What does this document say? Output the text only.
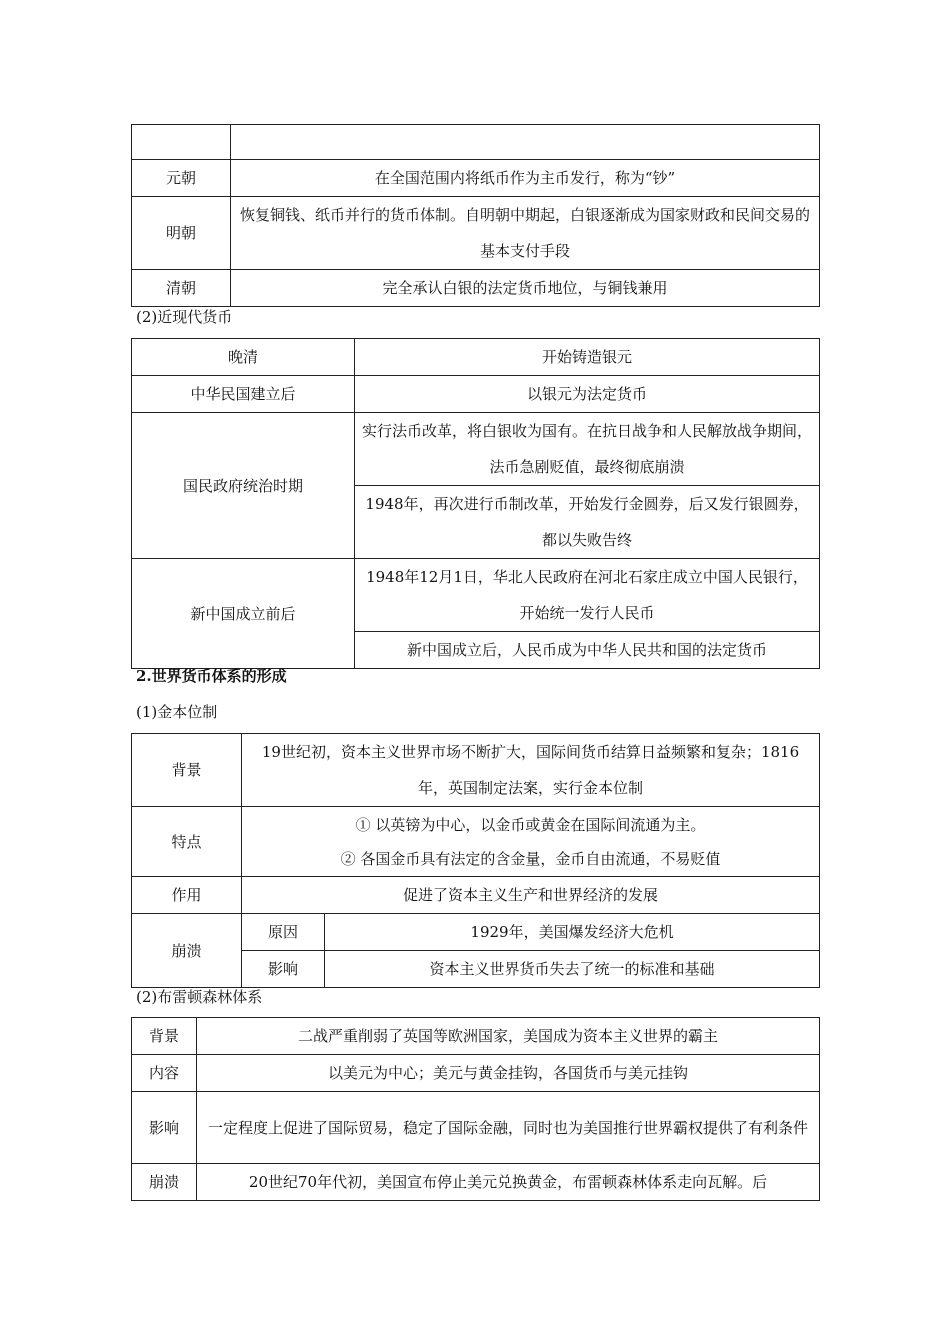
元朝	在全国范围内将纸币作为主币发行，称为“钞”
明朝	恢复铜钱、纸币并行的货币体制。自明朝中期起，白银逐渐成为国家财政和民间交易的基本支付手段
清朝	完全承认白银的法定货币地位，与铜钱兼用
(2)近现代货币
晚清	开始铸造银元
中华民国建立后	以银元为法定货币
国民政府统治时期	实行法币改革，将白银收为国有。在抗日战争和人民解放战争期间，法币急剧贬值，最终彻底崩溃
	1948年，再次进行币制改革，开始发行金圆券，后又发行银圆券，都以失败告终
新中国成立前后	1948年12月1日，华北人民政府在河北石家庄成立中国人民银行，开始统一发行人民币
	新中国成立后，人民币成为中华人民共和国的法定货币
2.世界货币体系的形成
(1)金本位制
背景	19世纪初，资本主义世界市场不断扩大，国际间货币结算日益频繁和复杂；1816年，英国制定法案，实行金本位制	
特点	① 以英镑为中心，以金币或黄金在国际间流通为主。
② 各国金币具有法定的含金量，金币自由流通，不易贬值	

作用	促进了资本主义生产和世界经济的发展	
崩溃	原因	1929年，美国爆发经济大危机
	影响	资本主义世界货币失去了统一的标准和基础
(2)布雷顿森林体系
背景	二战严重削弱了英国等欧洲国家，美国成为资本主义世界的霸主
内容	以美元为中心；美元与黄金挂钩，各国货币与美元挂钩
影响	一定程度上促进了国际贸易，稳定了国际金融，同时也为美国推行世界霸权提供了有利条件
崩溃	20世纪70年代初，美国宣布停止美元兑换黄金，布雷顿森林体系走向瓦解。后
